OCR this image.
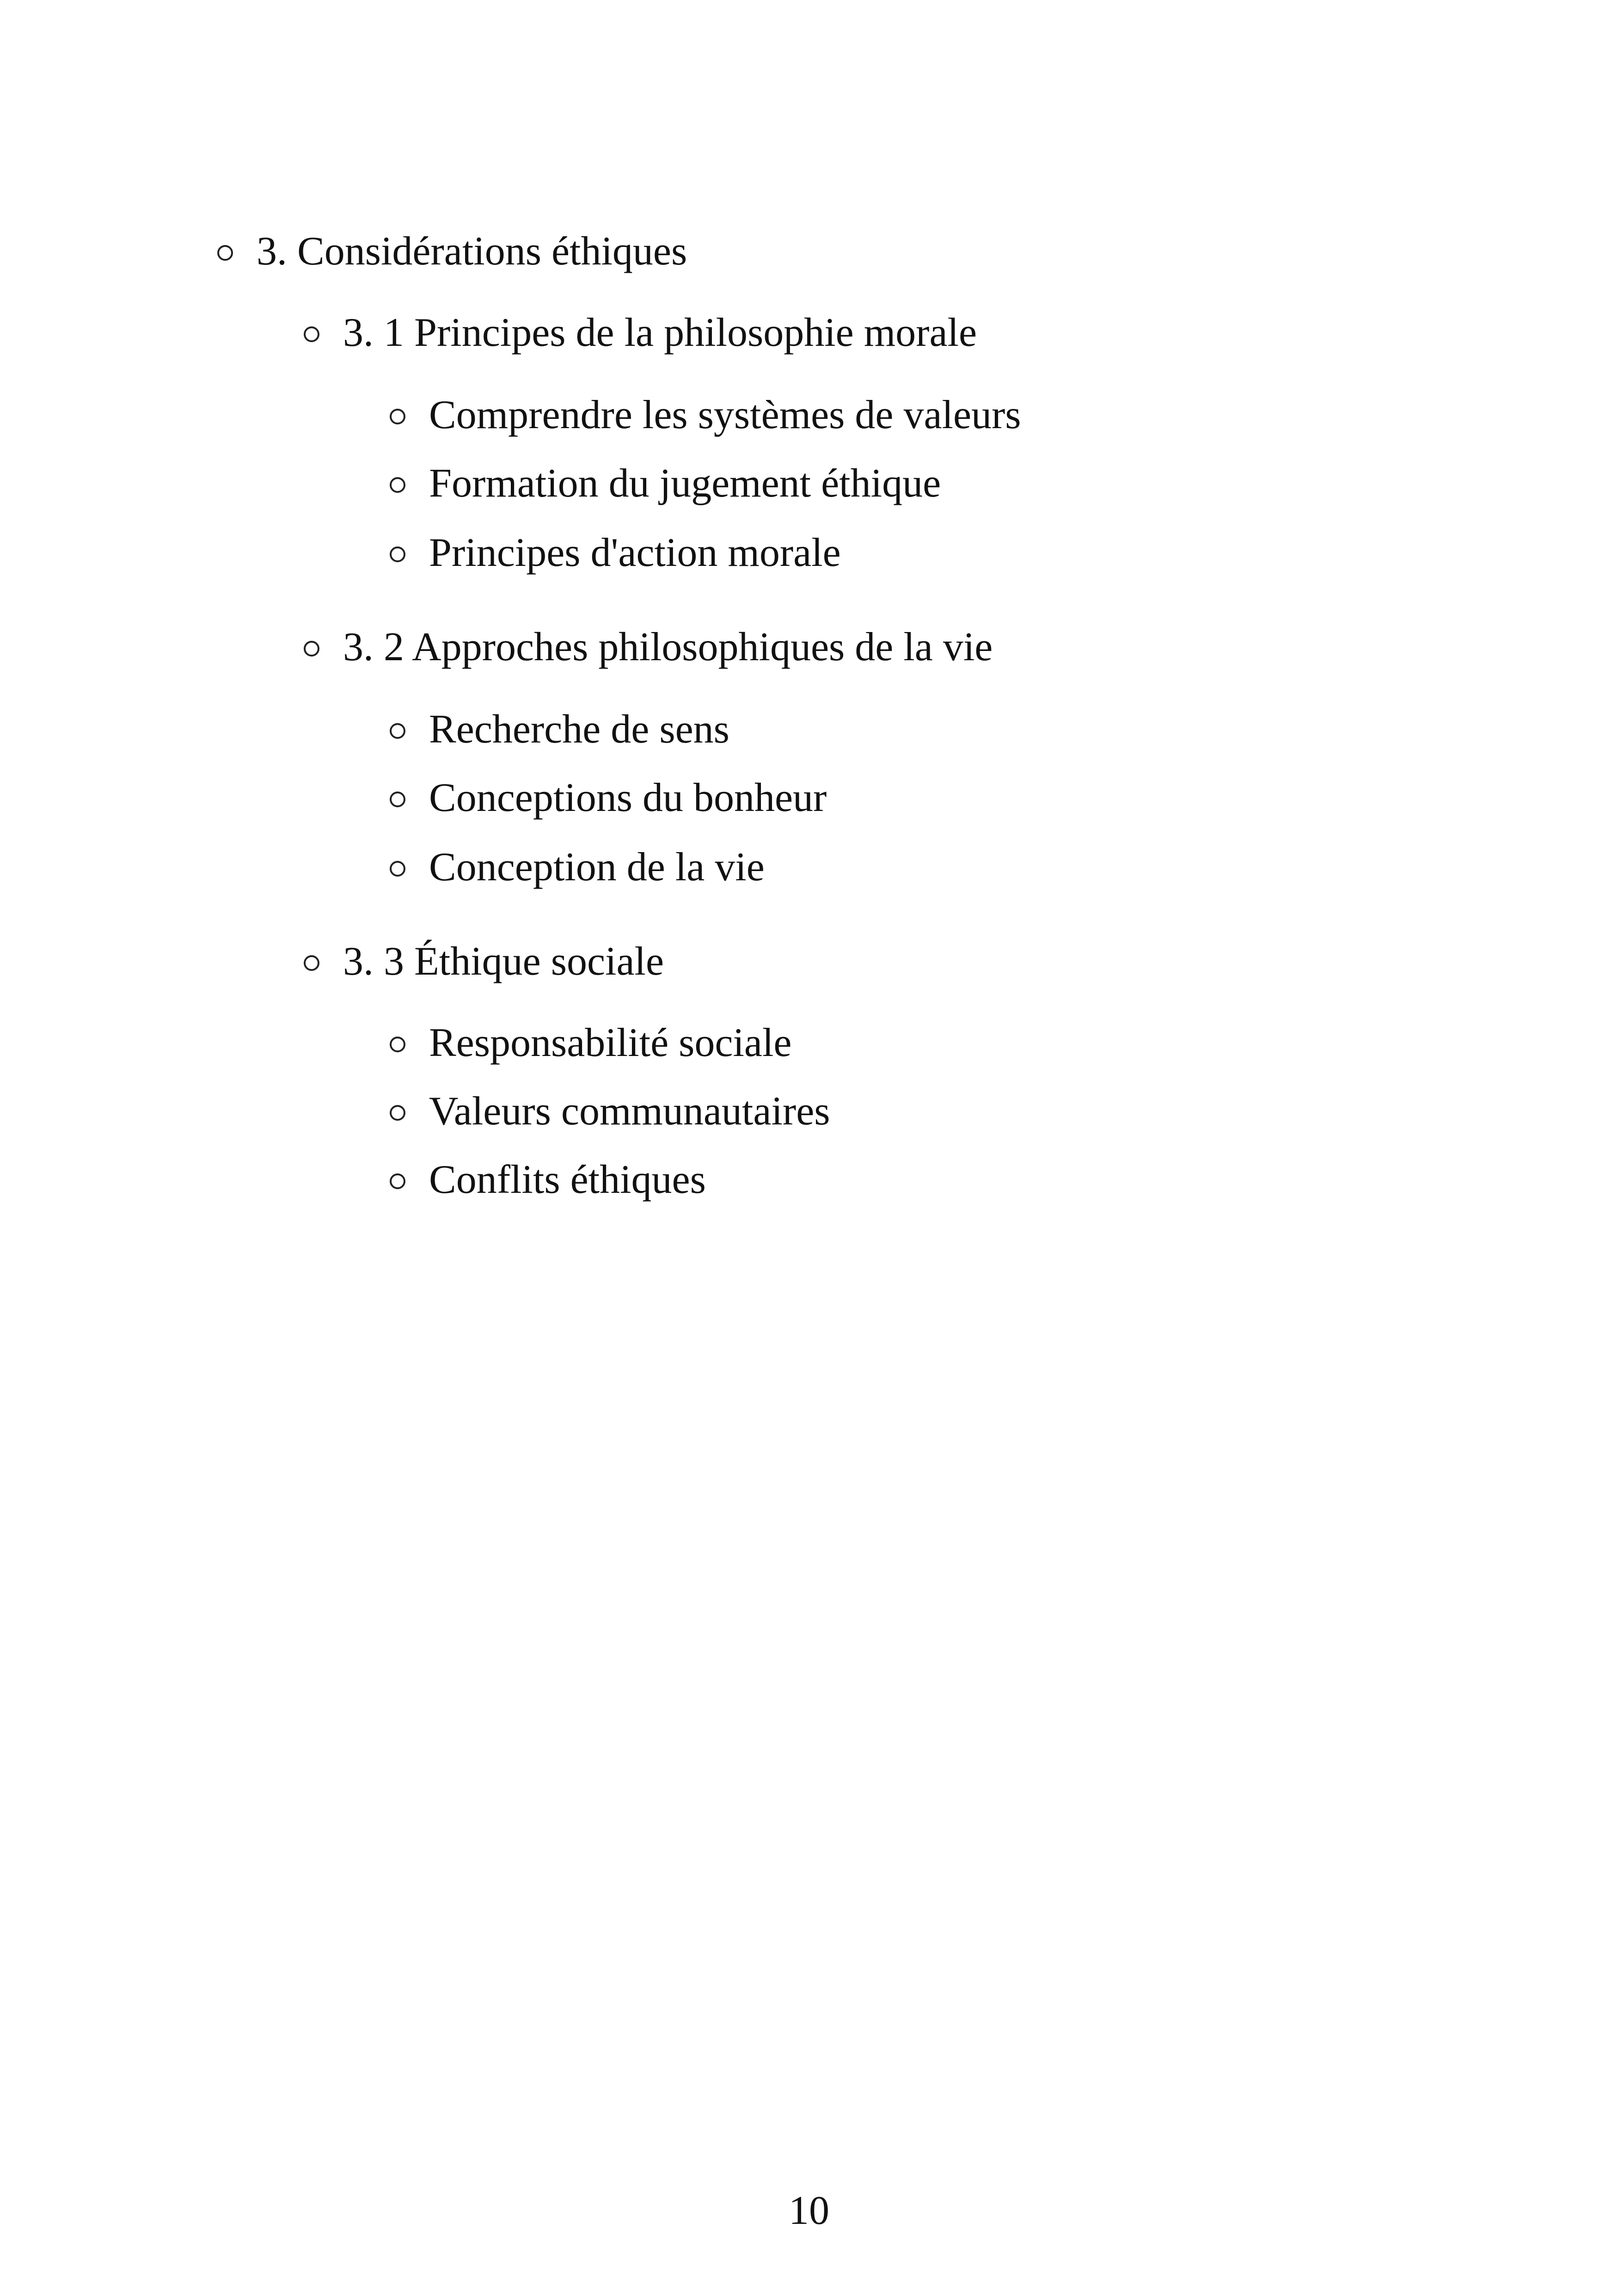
3. Considérations éthiques
3. 1 Principes de la philosophie morale
Comprendre les systèmes de valeurs
Formation du jugement éthique
Principes d'action morale
3. 2 Approches philosophiques de la vie
Recherche de sens
Conceptions du bonheur
Conception de la vie
3. 3 Éthique sociale
Responsabilité sociale
Valeurs communautaires
Conflits éthiques
10
